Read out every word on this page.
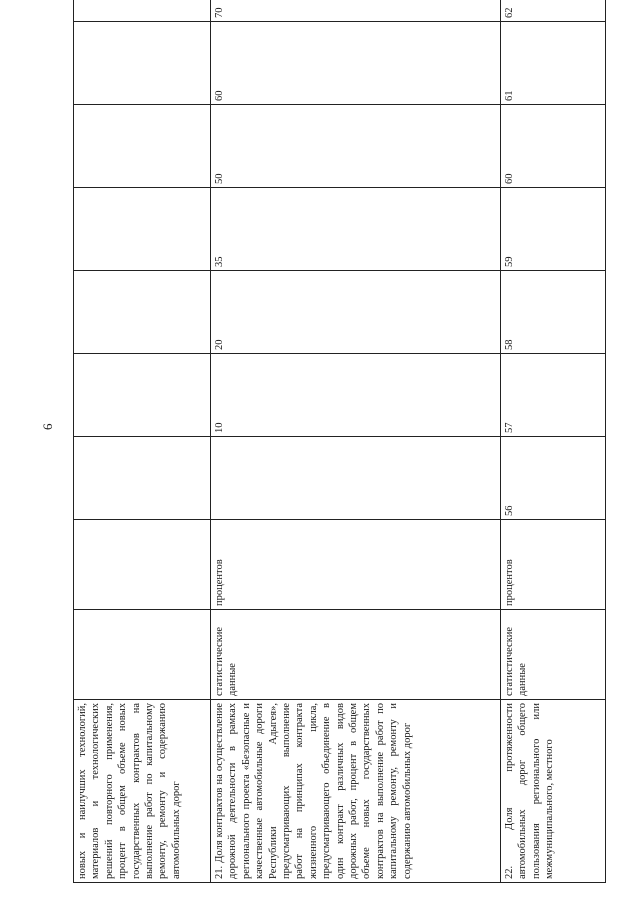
6
новых и наилучших технологий, материалов и технологических решений повторного применения, процент в общем объеме новых государственных контрактов на выполнение работ по капитальному ремонту, ремонту и содержанию автомобильных дорог										
21. Доля контрактов на осуществление дорожной деятельности в рамках регионального проекта «Безопасные и качественные автомобильные дороги Республики Адыгея», предусматривающих выполнение работ на принципах контракта жизненного цикла, предусматривающего объединение в один контракт различных видов дорожных работ, процент в общем объеме новых государственных контрактов на выполнение работ по капитальному ремонту, ремонту и содержанию автомобильных дорог	статистические данные	процентов		10	20	35	50	60	70	
22. Доля протяженности автомобильных дорог общего пользования регионального или межмуниципального, местного	статистические данные	процентов	56	57	58	59	60	61	62	
